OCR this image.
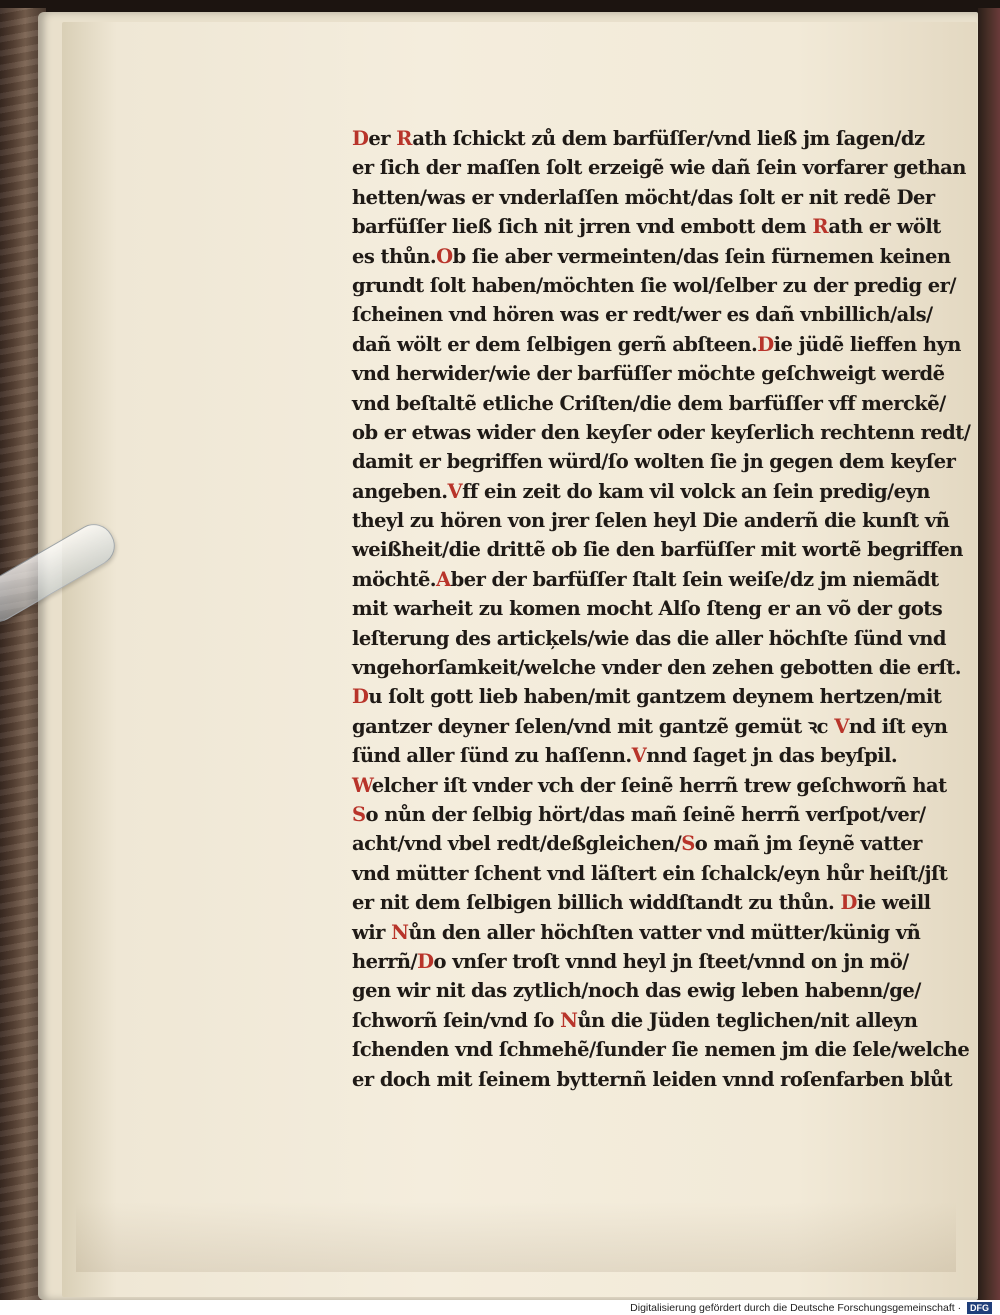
Der Rath ſchickt zů dem barfüſſer/vnd ließ jm ſagen/dz
er ſich der maſſen ſolt erzeigẽ wie dañ ſein vorfarer gethan
hetten/was er vnderlaſſen möcht/das ſolt er nit redẽ Der
barfüſſer ließ ſich nit jrren vnd embott dem Rath er wölt
es thůn.Ob ſie aber vermeinten/das ſein fürnemen keinen
grundt ſolt haben/möchten ſie wol/ſelber zu der predig er/
ſcheinen vnd hören was er redt/wer es dañ vnbillich/als/
dañ wölt er dem ſelbigen gerñ abſteen.Die jüdẽ lieffen hyn
vnd herwider/wie der barfüſſer möchte geſchweigt werdẽ
vnd beſtaltẽ etliche Criſten/die dem barfüſſer vff merckẽ/
ob er etwas wider den keyſer oder keyſerlich rechtenn redt/
damit er begriffen würd/ſo wolten ſie jn gegen dem keyſer
angeben.Vff ein zeit do kam vil volck an ſein predig/eyn
theyl zu hören von jrer ſelen heyl Die anderñ die kunſt vñ
weißheit/die drittẽ ob ſie den barfüſſer mit wortẽ begriffen
möchtẽ.Aber der barfüſſer ſtalt ſein weiſe/dz jm niemãdt
mit warheit zu komen mocht Alſo ſteng er an võ der gots
leſterung des articķels/wie das die aller höchſte ſünd vnd
vngehorſamkeit/welche vnder den zehen gebotten die erſt.
Du ſolt gott lieb haben/mit gantzem deynem hertzen/mit
gantzer deyner ſelen/vnd mit gantzẽ gemüt ꝛc Vnd iſt eyn
ſünd aller ſünd zu haſſenn.Vnnd ſaget jn das beyſpil.
Welcher iſt vnder vch der ſeinẽ herrñ trew geſchworñ hat
So nůn der ſelbig hört/das mañ ſeinẽ herrñ verſpot/ver/
acht/vnd vbel redt/deßgleichen/So mañ jm ſeynẽ vatter
vnd mütter ſchent vnd läſtert ein ſchalck/eyn hůr heiſt/jſt
er nit dem ſelbigen billich widdſtandt zu thůn. Die weill
wir Nůn den aller höchſten vatter vnd mütter/künig vñ
herrñ/Do vnſer troſt vnnd heyl jn ſteet/vnnd on jn mö/
gen wir nit das zytlich/noch das ewig leben habenn/ge/
ſchworñ ſein/vnd ſo Nůn die Jüden teglichen/nit alleyn
ſchenden vnd ſchmehẽ/ſunder ſie nemen jm die ſele/welche
er doch mit ſeinem bytternñ leiden vnnd roſenfarben blůt
Digitalisierung gefördert durch die Deutsche Forschungsgemeinschaft · DFG
